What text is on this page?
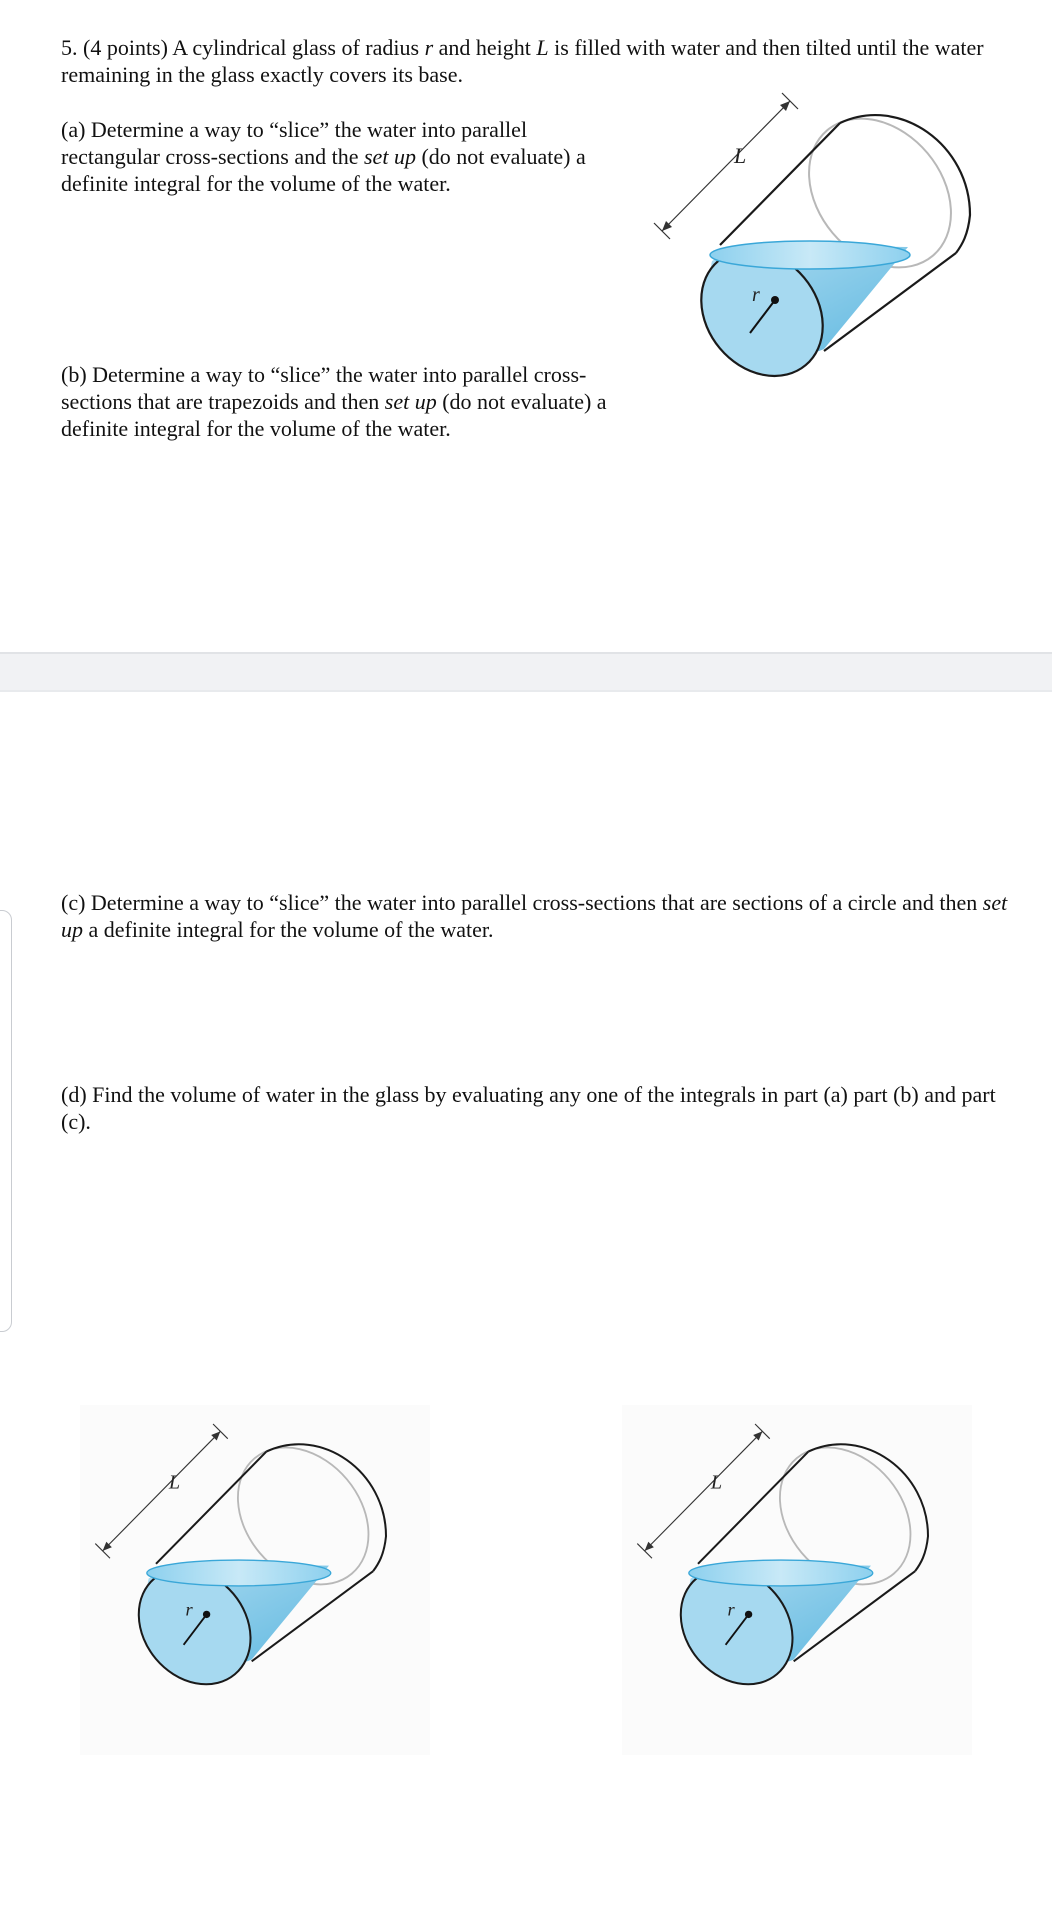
5. (4 points) A cylindrical glass of radius r and height L is filled with water and then tilted until the water remaining in the glass exactly covers its base.

(a) Determine a way to “slice” the water into parallel rectangular cross-sections and the set up (do not evaluate) a definite integral for the volume of the water.

(b) Determine a way to “slice” the water into parallel cross-sections that are trapezoids and then set up (do not evaluate) a definite integral for the volume of the water.

(c) Determine a way to “slice” the water into parallel cross-sections that are sections of a circle and then set up a definite integral for the volume of the water.

(d) Find the volume of water in the glass by evaluating any one of the integrals in part (a) part (b) and part (c).

L
r
L
r
L
r
